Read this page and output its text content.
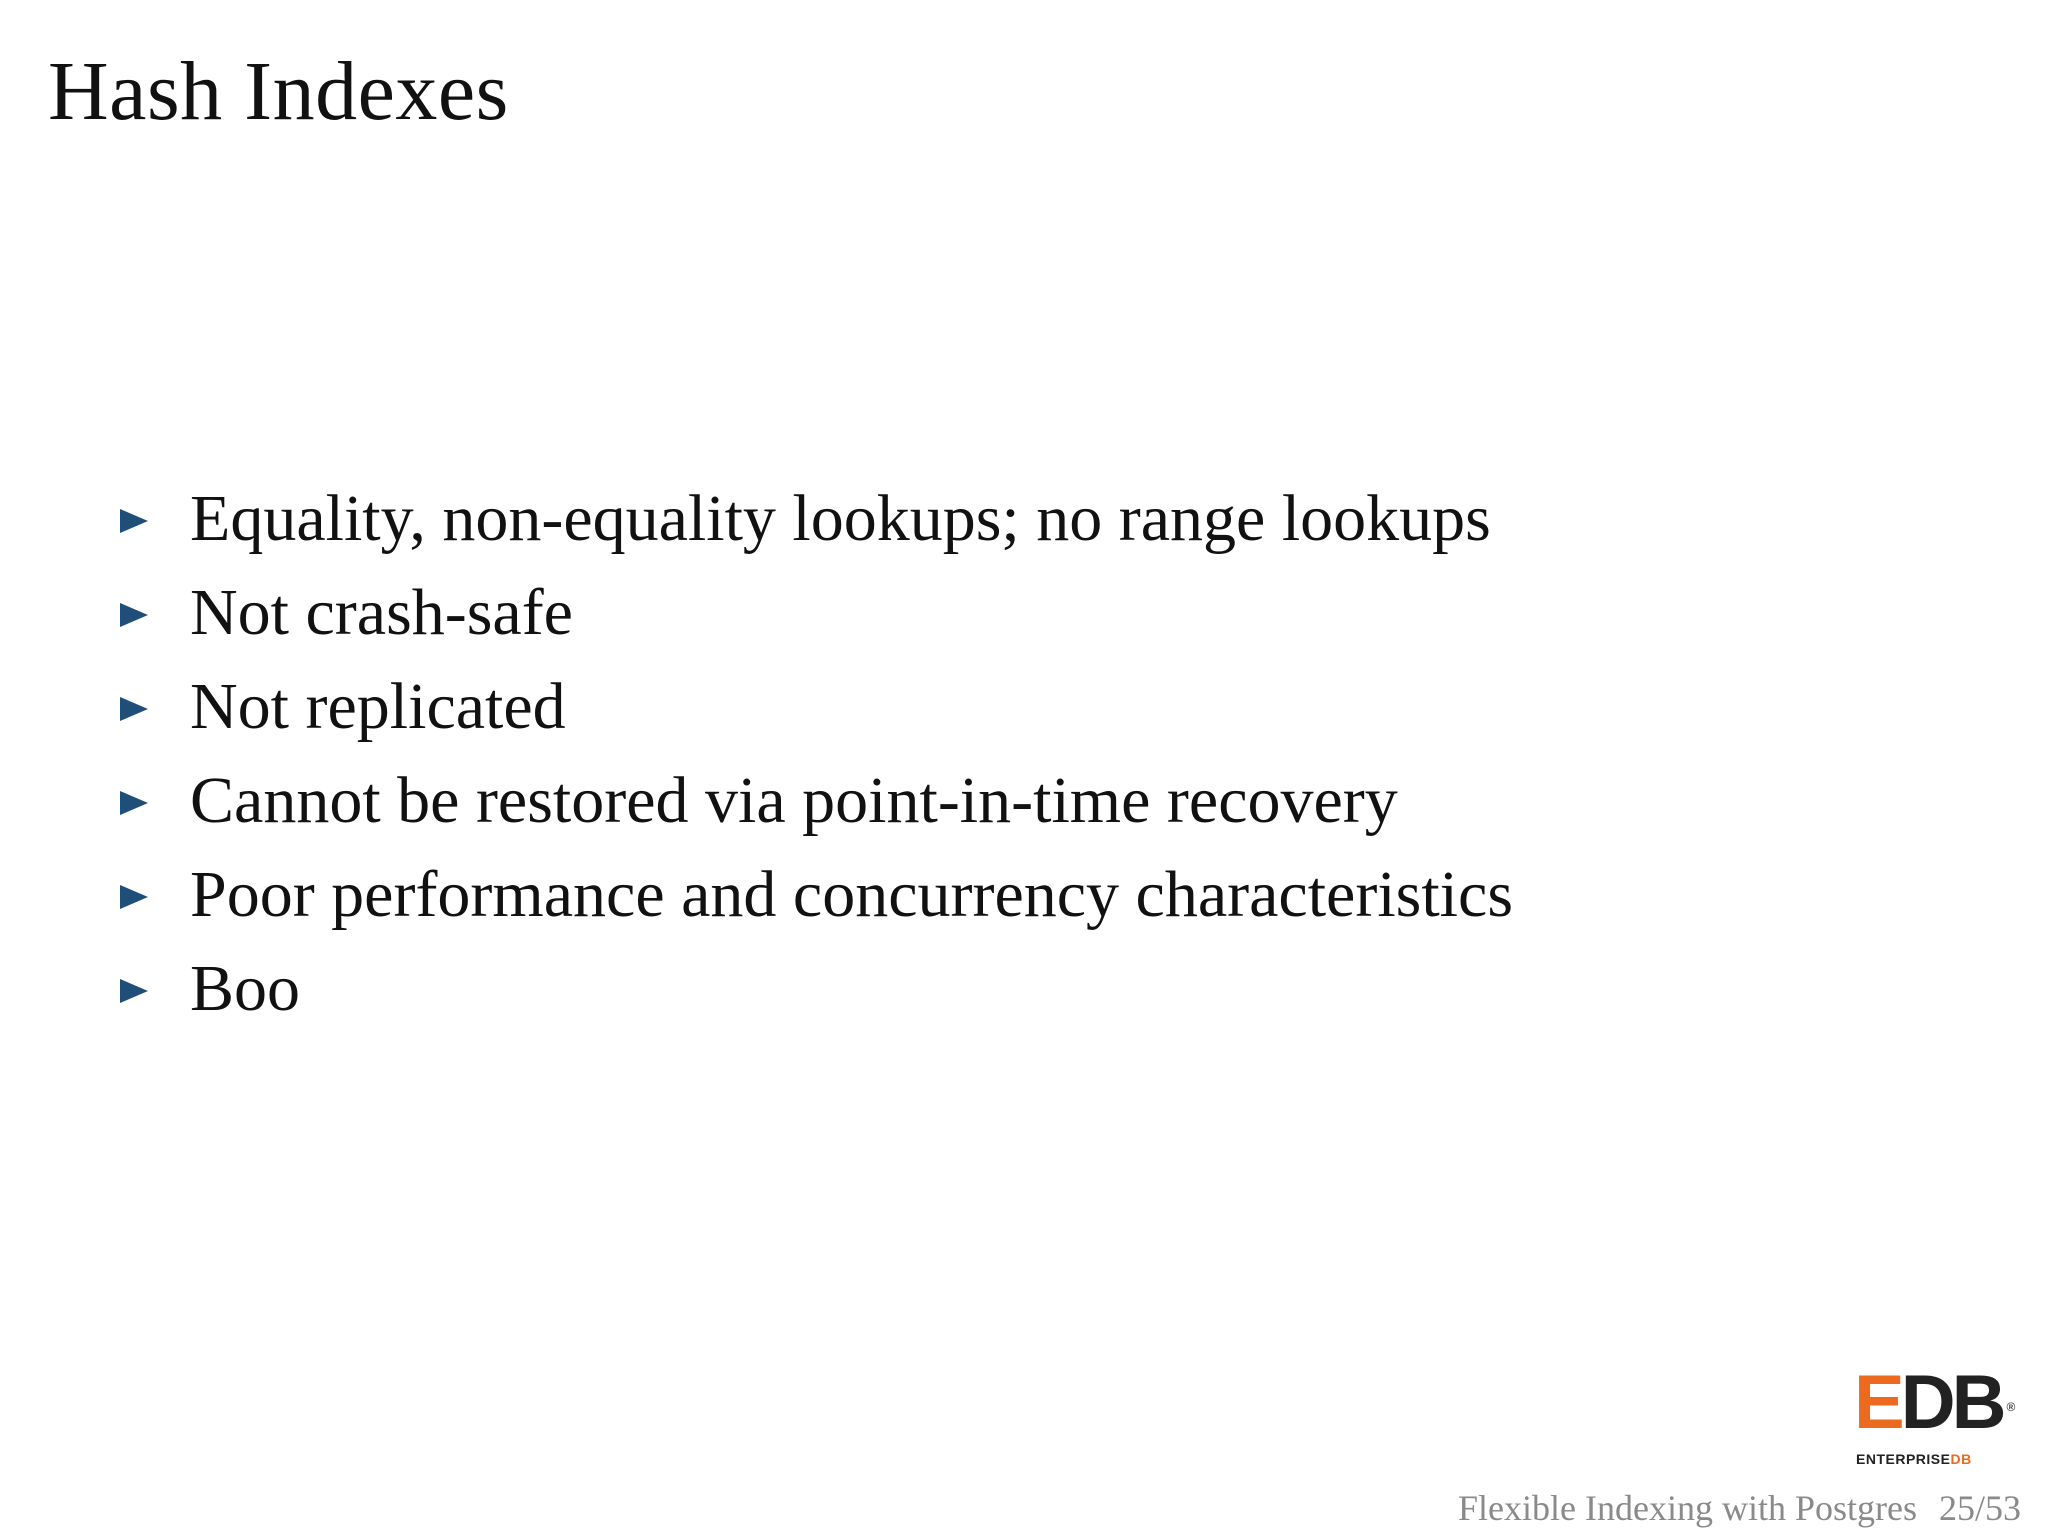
Hash Indexes
Equality, non-equality lookups; no range lookups
Not crash-safe
Not replicated
Cannot be restored via point-in-time recovery
Poor performance and concurrency characteristics
Boo
E DB ®
ENTERPRISEDB
Flexible Indexing with Postgres 25/53
